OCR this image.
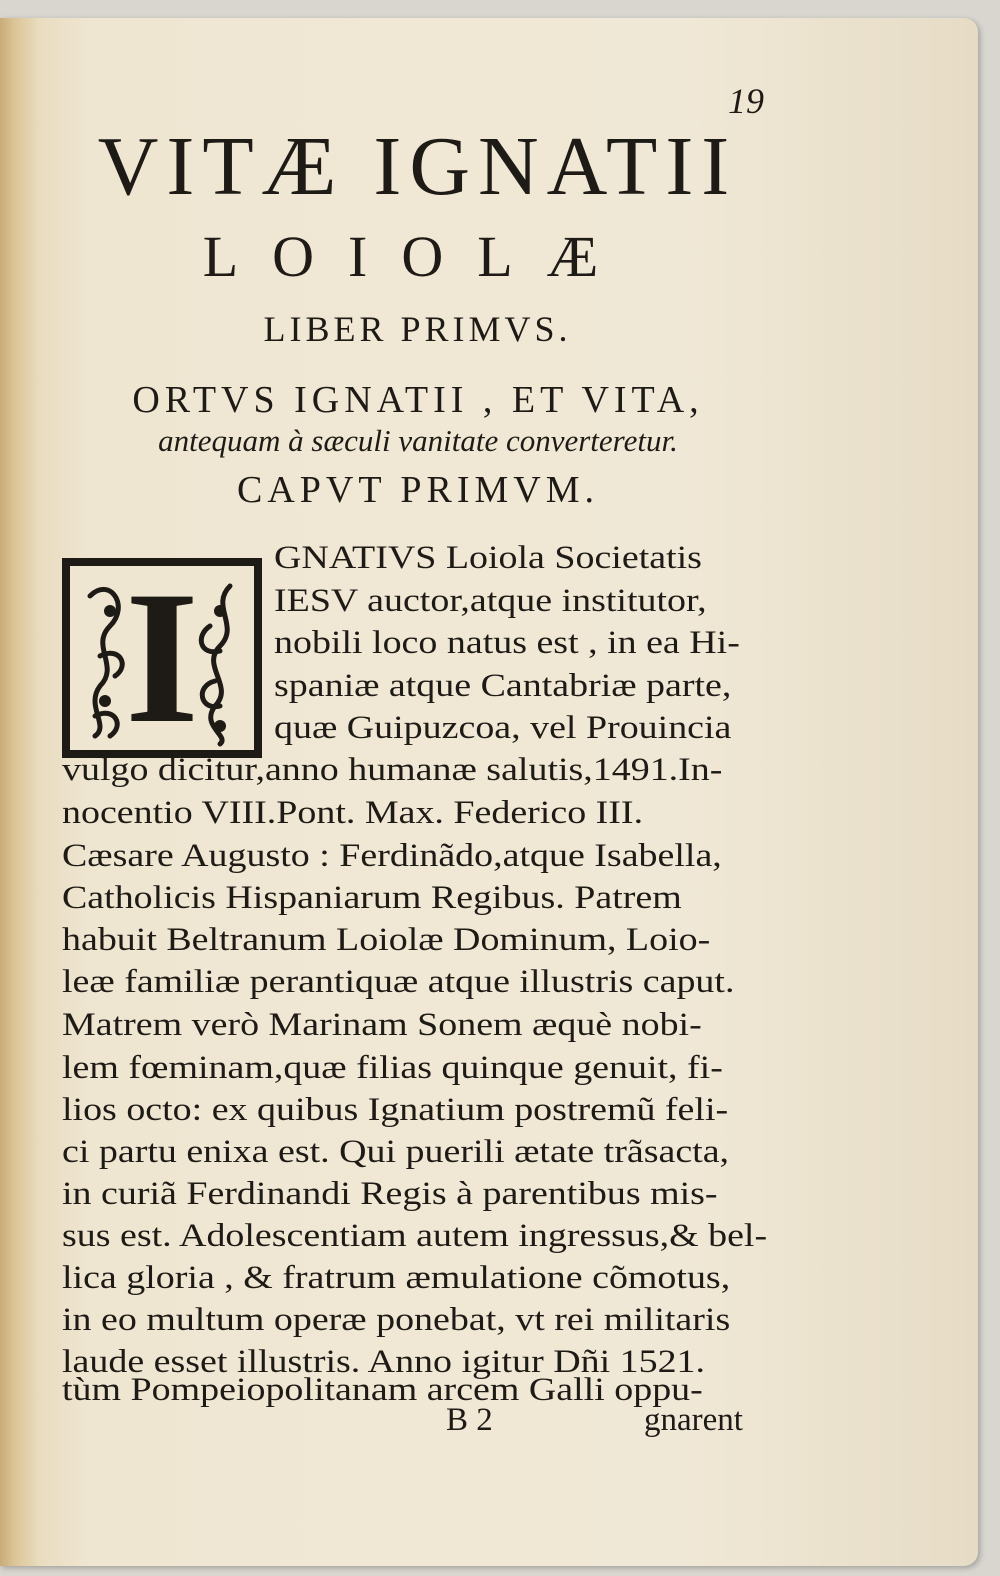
19
VITÆ IGNATII
LOIOLÆ
LIBER PRIMVS.
ORTVS IGNATII , ET VITA,
antequam à sæculi vanitate converteretur.
CAPVT PRIMVM.
I GNATIVS Loiola Societatis
IESV auctor,atque institutor,
nobili loco natus est , in ea Hi-
spaniæ atque Cantabriæ parte,
quæ Guipuzcoa, vel Prouincia
vulgo dicitur,anno humanæ salutis,1491.In-
nocentio VIII.Pont. Max. Federico III.
Cæsare Augusto : Ferdinãdo,atque Isabella,
Catholicis Hispaniarum Regibus. Patrem
habuit Beltranum Loiolæ Dominum, Loio-
leæ familiæ perantiquæ atque illustris caput.
Matrem verò Marinam Sonem æquè nobi-
lem fœminam,quæ filias quinque genuit, fi-
lios octo: ex quibus Ignatium postremũ feli-
ci partu enixa est. Qui puerili ætate trãsacta,
in curiã Ferdinandi Regis à parentibus mis-
sus est. Adolescentiam autem ingressus,& bel-
lica gloria , & fratrum æmulatione cõmotus,
in eo multum operæ ponebat, vt rei militaris
laude esset illustris. Anno igitur Dñi 1521.
tùm Pompeiopolitanam arcem Galli oppu-
B 2	gnarent
